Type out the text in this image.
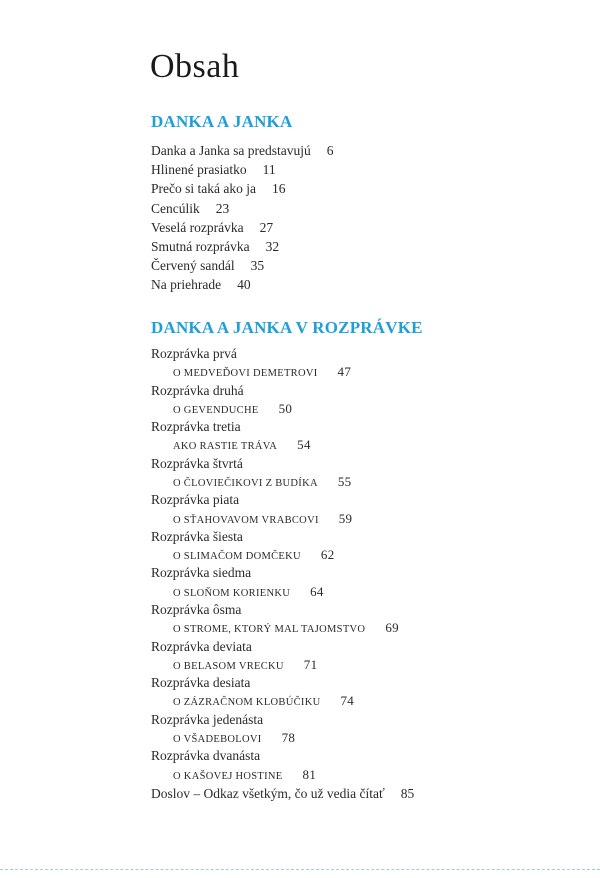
Obsah
DANKA A JANKA
Danka a Janka sa predstavujú 6
Hlinené prasiatko 11
Prečo si taká ako ja 16
Cencúlik 23
Veselá rozprávka 27
Smutná rozprávka 32
Červený sandál 35
Na priehrade 40
DANKA A JANKA V ROZPRÁVKE
Rozprávka prvá
O MEDVEĎOVI DEMETROVI 47
Rozprávka druhá
O GEVENDUCHE 50
Rozprávka tretia
AKO RASTIE TRÁVA 54
Rozprávka štvrtá
O ČLOVIEČIKOVI Z BUDÍKA 55
Rozprávka piata
O SŤAHOVAVOM VRABCOVI 59
Rozprávka šiesta
O SLIMAČOM DOMČEKU 62
Rozprávka siedma
O SLOŇOM KORIENKU 64
Rozprávka ôsma
O STROME, KTORÝ MAL TAJOMSTVO 69
Rozprávka deviata
O BELASOM VRECKU 71
Rozprávka desiata
O ZÁZRAČNOM KLOBÚČIKU 74
Rozprávka jedenásta
O VŠADEBOLOVI 78
Rozprávka dvanásta
O KAŠOVEJ HOSTINE 81
Doslov – Odkaz všetkým, čo už vedia čítať 85
